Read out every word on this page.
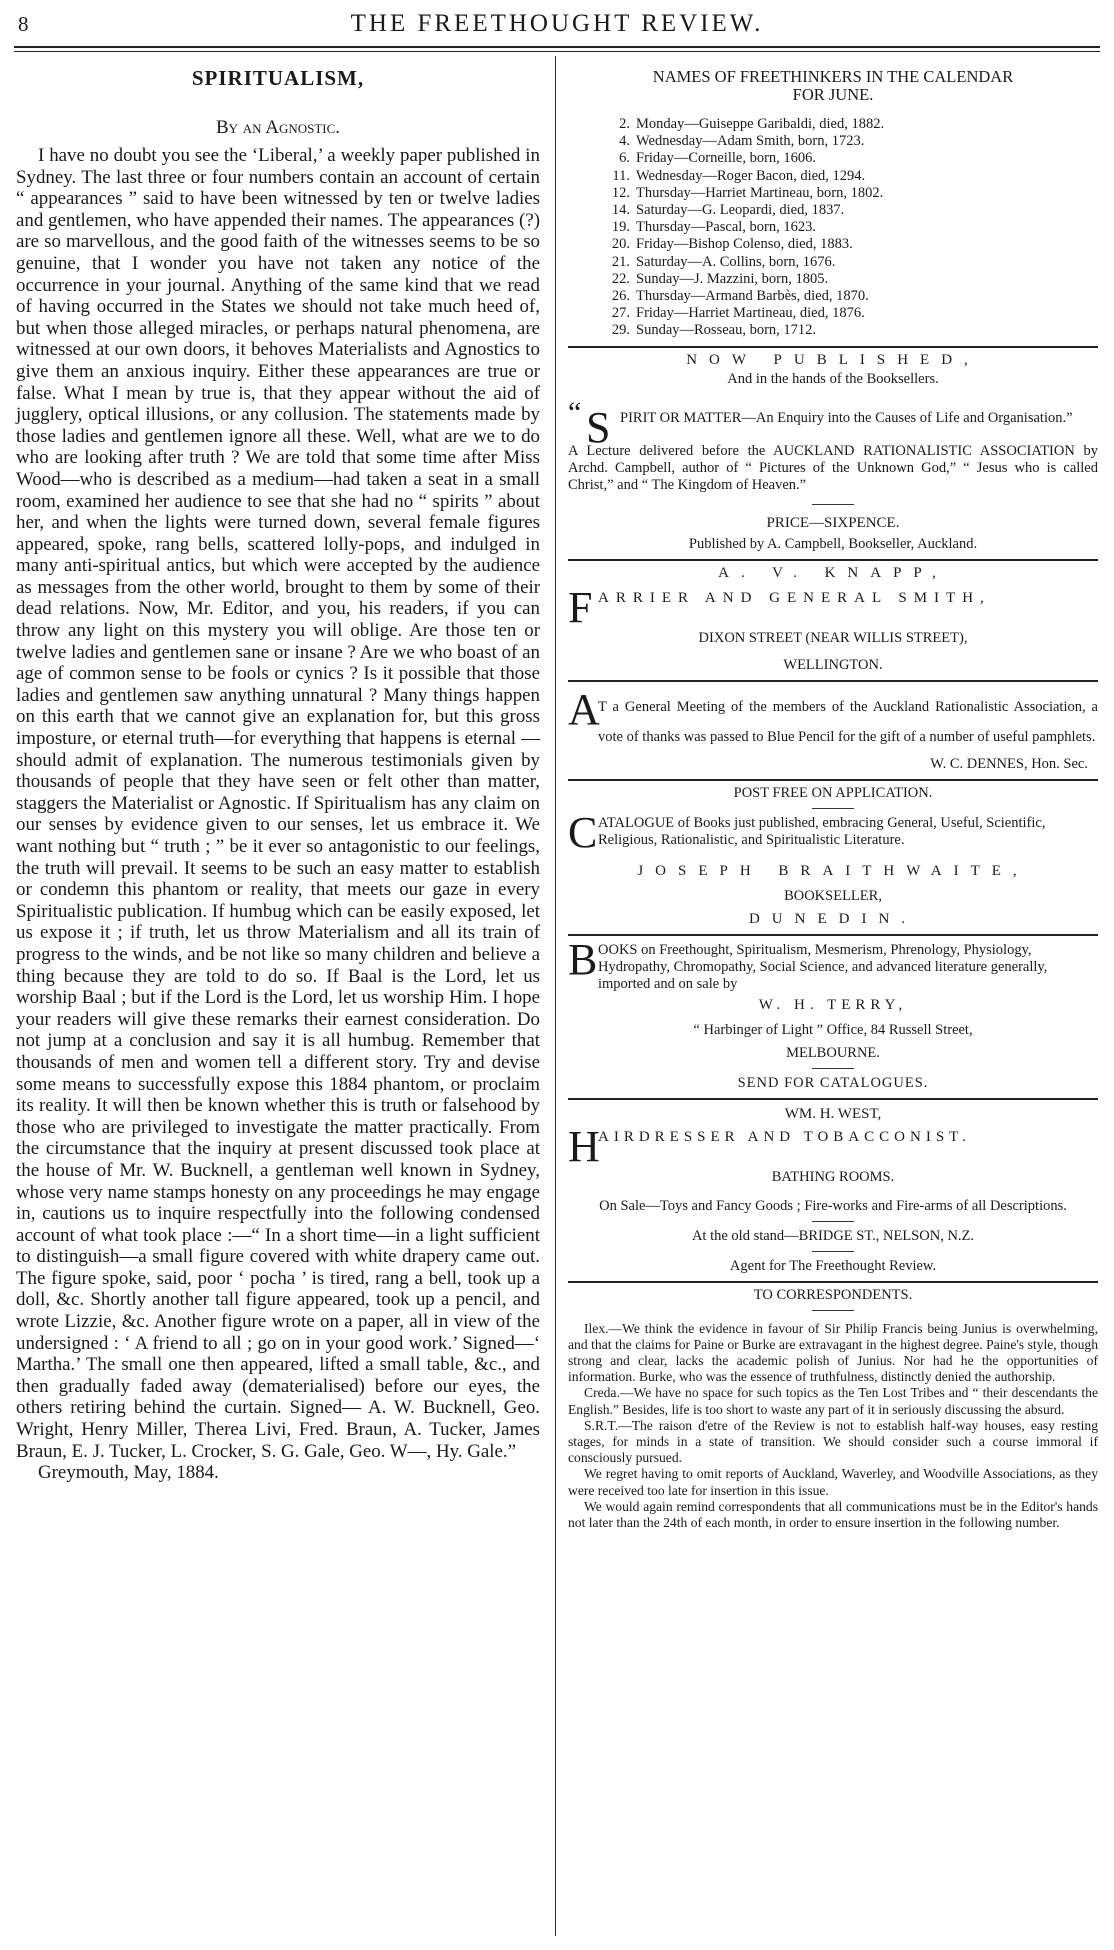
8	THE FREETHOUGHT REVIEW.
SPIRITUALISM,

By an Agnostic.

I have no doubt you see the ‘Liberal,’ a weekly paper published in Sydney. The last three or four numbers contain an account of certain “ appearances ” said to have been witnessed by ten or twelve ladies and gentlemen, who have appended their names. The appearances (?) are so marvellous, and the good faith of the witnesses seems to be so genuine, that I wonder you have not taken any notice of the occurrence in your journal. Anything of the same kind that we read of having occurred in the States we should not take much heed of, but when those alleged miracles, or perhaps natural phenomena, are witnessed at our own doors, it behoves Materialists and Agnostics to give them an anxious inquiry. Either these appearances are true or false. What I mean by true is, that they appear without the aid of jugglery, optical illusions, or any collusion. The statements made by those ladies and gentlemen ignore all these. Well, what are we to do who are looking after truth ? We are told that some time after Miss Wood—who is described as a medium—had taken a seat in a small room, examined her audience to see that she had no “ spirits ” about her, and when the lights were turned down, several female figures appeared, spoke, rang bells, scattered lolly-pops, and indulged in many anti-spiritual antics, but which were accepted by the audience as messages from the other world, brought to them by some of their dead relations. Now, Mr. Editor, and you, his readers, if you can throw any light on this mystery you will oblige. Are those ten or twelve ladies and gentlemen sane or insane ? Are we who boast of an age of common sense to be fools or cynics ? Is it possible that those ladies and gentlemen saw anything unnatural ? Many things happen on this earth that we cannot give an explanation for, but this gross imposture, or eternal truth—for everything that happens is eternal —should admit of explanation. The numerous testimonials given by thousands of people that they have seen or felt other than matter, staggers the Materialist or Agnostic. If Spiritualism has any claim on our senses by evidence given to our senses, let us embrace it. We want nothing but “ truth ; ” be it ever so antagonistic to our feelings, the truth will prevail. It seems to be such an easy matter to establish or condemn this phantom or reality, that meets our gaze in every Spiritualistic publication. If humbug which can be easily exposed, let us expose it ; if truth, let us throw Materialism and all its train of progress to the winds, and be not like so many children and believe a thing because they are told to do so. If Baal is the Lord, let us worship Baal ; but if the Lord is the Lord, let us worship Him. I hope your readers will give these remarks their earnest consideration. Do not jump at a conclusion and say it is all humbug. Remember that thousands of men and women tell a different story. Try and devise some means to successfully expose this 1884 phantom, or proclaim its reality. It will then be known whether this is truth or falsehood by those who are privileged to investigate the matter practically. From the circumstance that the inquiry at present discussed took place at the house of Mr. W. Bucknell, a gentleman well known in Sydney, whose very name stamps honesty on any proceedings he may engage in, cautions us to inquire respectfully into the following condensed account of what took place :—“ In a short time—in a light sufficient to distinguish—a small figure covered with white drapery came out. The figure spoke, said, poor ‘ pocha ’ is tired, rang a bell, took up a doll, &c. Shortly another tall figure appeared, took up a pencil, and wrote Lizzie, &c. Another figure wrote on a paper, all in view of the undersigned : ‘ A friend to all ; go on in your good work.’ Signed—‘ Martha.’ The small one then appeared, lifted a small table, &c., and then gradually faded away (dematerialised) before our eyes, the others retiring behind the curtain. Signed— A. W. Bucknell, Geo. Wright, Henry Miller, Therea Livi, Fred. Braun, A. Tucker, James Braun, E. J. Tucker, L. Crocker, S. G. Gale, Geo. W—, Hy. Gale.”

Greymouth, May, 1884.

NAMES OF FREETHINKERS IN THE CALENDAR
FOR JUNE.
2. Monday—Guiseppe Garibaldi, died, 1882.
4. Wednesday—Adam Smith, born, 1723.
6. Friday—Corneille, born, 1606.
11. Wednesday—Roger Bacon, died, 1294.
12. Thursday—Harriet Martineau, born, 1802.
14. Saturday—G. Leopardi, died, 1837.
19. Thursday—Pascal, born, 1623.
20. Friday—Bishop Colenso, died, 1883.
21. Saturday—A. Collins, born, 1676.
22. Sunday—J. Mazzini, born, 1805.
26. Thursday—Armand Barbès, died, 1870.
27. Friday—Harriet Martineau, died, 1876.
29. Sunday—Rosseau, born, 1712.
NOW PUBLISHED,
And in the hands of the Booksellers.
“ S PIRIT OR MATTER—An Enquiry into the Causes of Life and Organisation.”
A Lecture delivered before the AUCKLAND RATIONALISTIC ASSOCIATION by Archd. Campbell, author of “ Pictures of the Unknown God,” “ Jesus who is called Christ,” and “ The Kingdom of Heaven.”
PRICE—SIXPENCE.
Published by A. Campbell, Bookseller, Auckland.
A. V. KNAPP,
F ARRIER AND GENERAL SMITH,
DIXON STREET (NEAR WILLIS STREET),
WELLINGTON.
A
T a General Meeting of the members of the Auckland Rationalistic Association, a vote of thanks was passed to Blue Pencil for the gift of a number of useful pamphlets.
W. C. DENNES, Hon. Sec.
POST FREE ON APPLICATION.
C ATALOGUE of Books just published, embracing General, Useful, Scientific, Religious, Rationalistic, and Spiritualistic Literature.
JOSEPH BRAITHWAITE,
BOOKSELLER,
DUNEDIN.
B OOKS on Freethought, Spiritualism, Mesmerism, Phrenology, Physiology, Hydropathy, Chromopathy, Social Science, and advanced literature generally, imported and on sale by
W. H. TERRY,
“ Harbinger of Light ” Office, 84 Russell Street,
MELBOURNE.
SEND FOR CATALOGUES.
WM. H. WEST,
H
AIRDRESSER AND TOBACCONIST.
BATHING ROOMS.
On Sale—Toys and Fancy Goods ; Fire-works and Fire-arms of all Descriptions.
At the old stand—BRIDGE ST., NELSON, N.Z.
Agent for The Freethought Review.
TO CORRESPONDENTS.

Ilex.—We think the evidence in favour of Sir Philip Francis being Junius is overwhelming, and that the claims for Paine or Burke are extravagant in the highest degree. Paine's style, though strong and clear, lacks the academic polish of Junius. Nor had he the opportunities of information. Burke, who was the essence of truthfulness, distinctly denied the authorship.

Creda.—We have no space for such topics as the Ten Lost Tribes and “ their descendants the English.” Besides, life is too short to waste any part of it in seriously discussing the absurd.

S.R.T.—The raison d'etre of the Review is not to establish half-way houses, easy resting stages, for minds in a state of transition. We should consider such a course immoral if consciously pursued.

We regret having to omit reports of Auckland, Waverley, and Woodville Associations, as they were received too late for insertion in this issue.

We would again remind correspondents that all communications must be in the Editor's hands not later than the 24th of each month, in order to ensure insertion in the following number.
